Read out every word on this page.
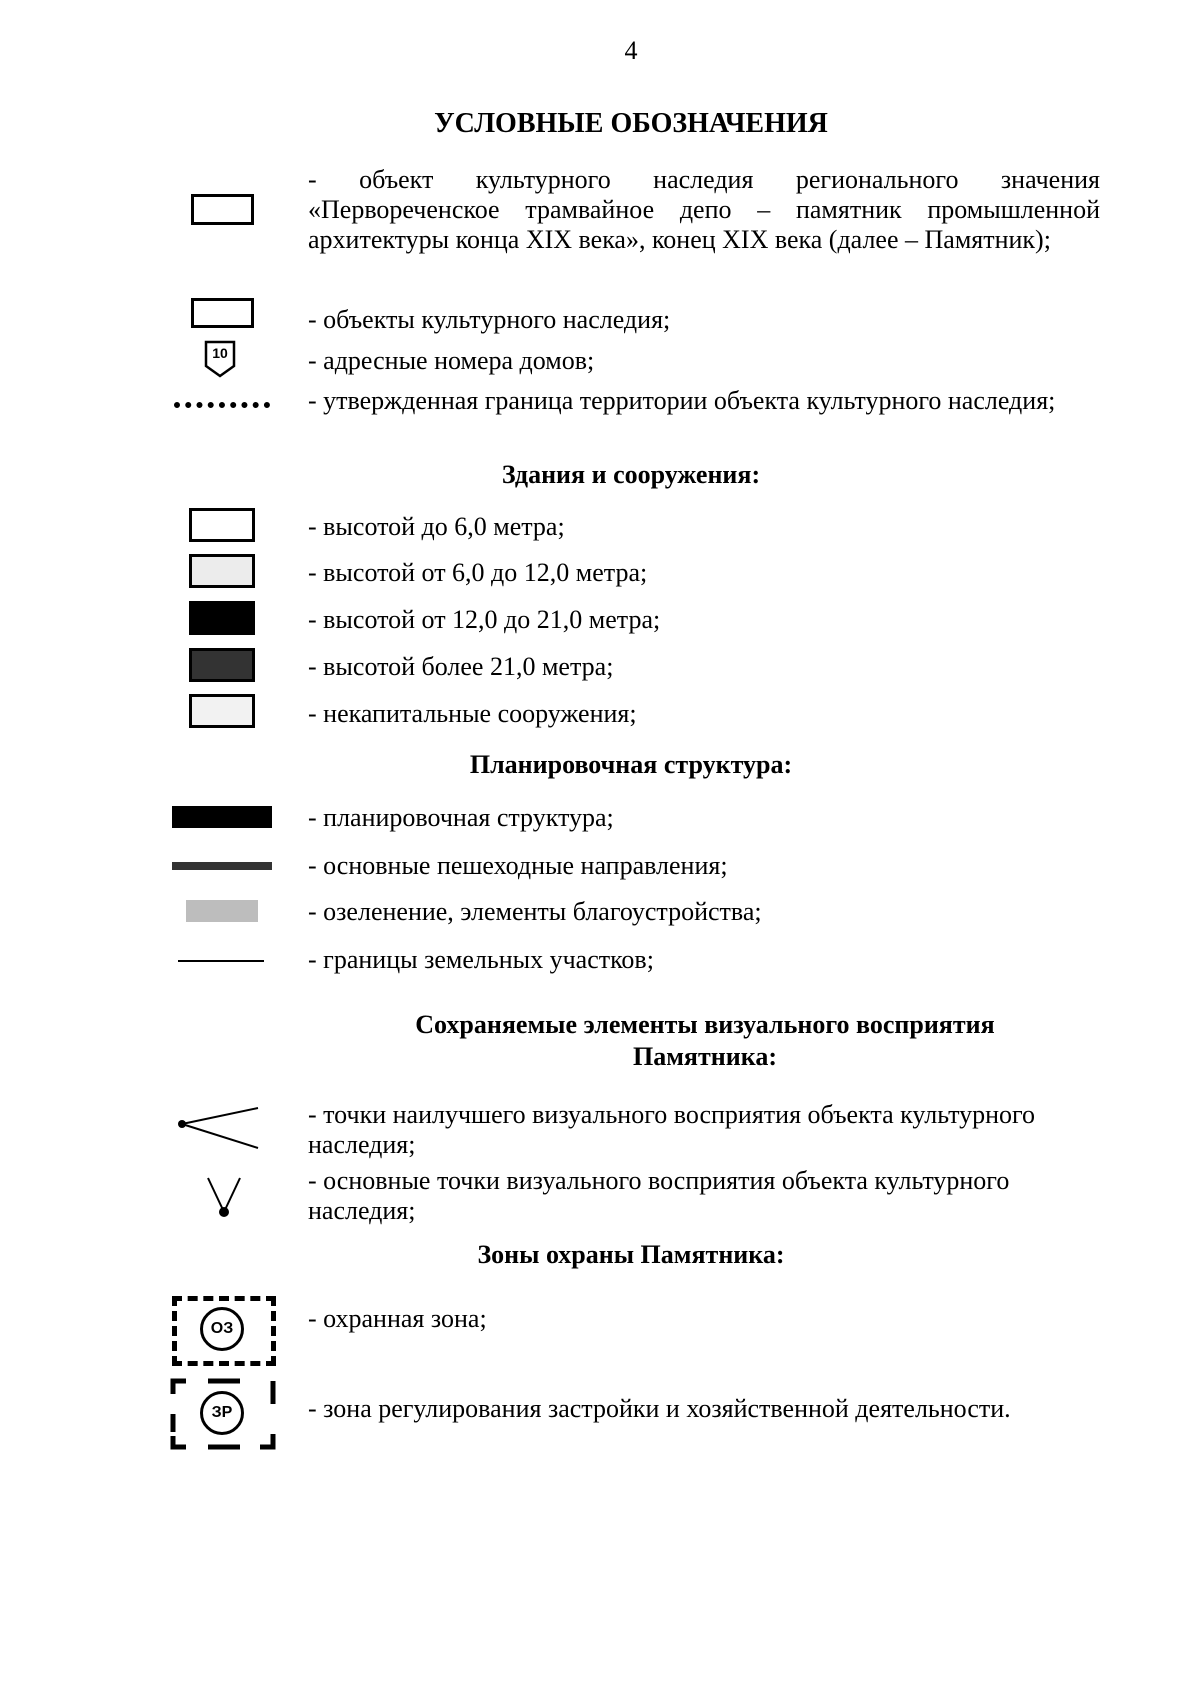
4
УСЛОВНЫЕ ОБОЗНАЧЕНИЯ
- объект культурного наследия регионального значения «Первореченское трамвайное депо – памятник промышленной архитектуры конца XIX века», конец XIX века (далее – Памятник);
- объекты культурного наследия;
10	- адресные номера домов;
- утвержденная граница территории объекта культурного наследия;
Здания и сооружения:
- высотой до 6,0 метра;
- высотой от 6,0 до 12,0 метра;
- высотой от 12,0 до 21,0 метра;
- высотой более 21,0 метра;
- некапитальные сооружения;
Планировочная структура:
- планировочная структура;
- основные пешеходные направления;
- озеленение, элементы благоустройства;
- границы земельных участков;
Сохраняемые элементы визуального восприятия
Памятника:
- точки наилучшего визуального восприятия объекта культурного наследия;
- основные точки визуального восприятия объекта культурного наследия;
Зоны охраны Памятника:
ОЗ	- охранная зона;
ЗР	- зона регулирования застройки и хозяйственной деятельности.
